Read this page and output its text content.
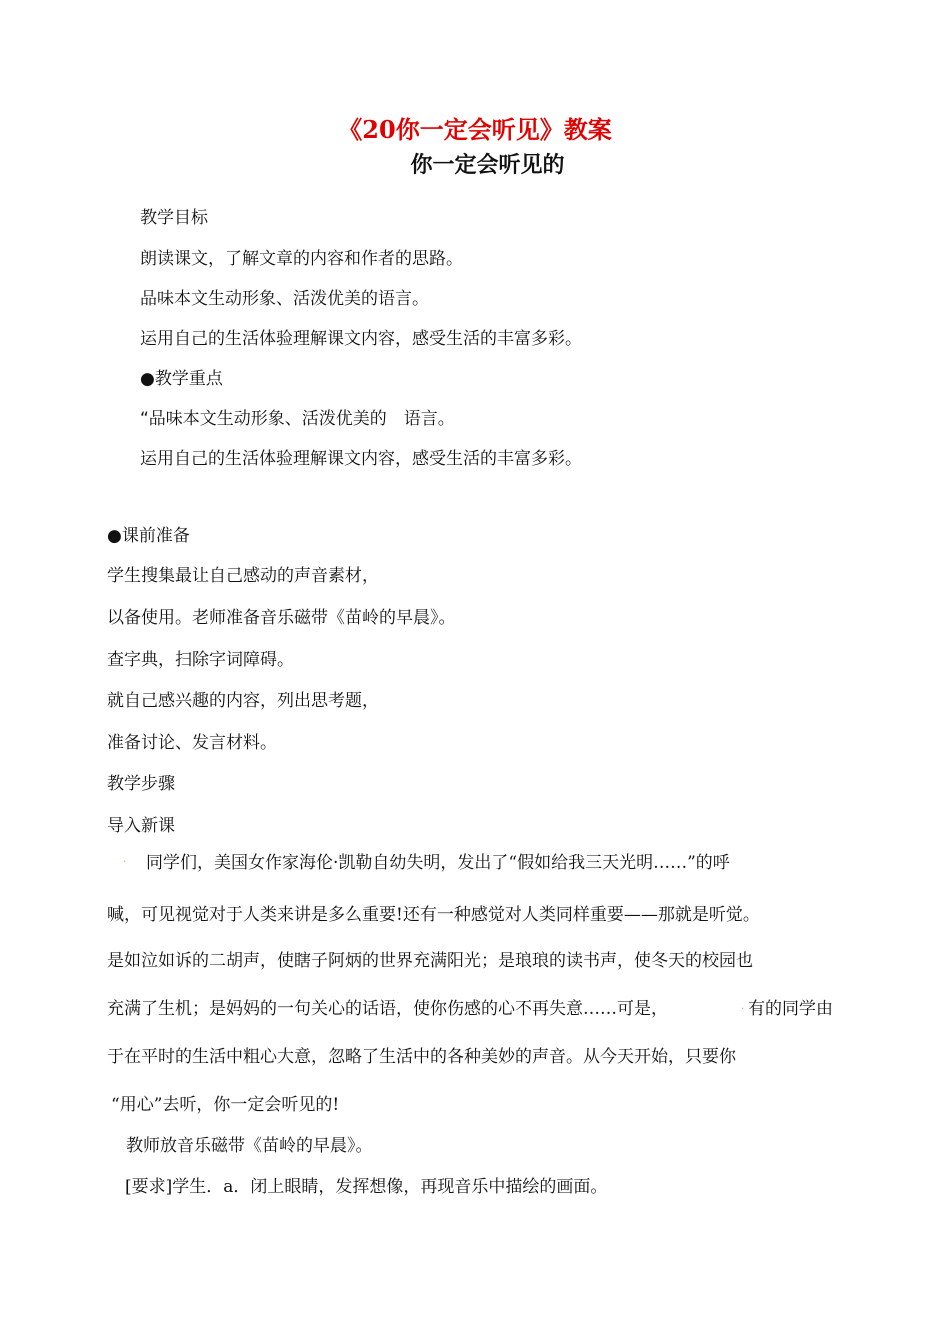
《20你一定会听见》教案
你一定会听见的
教学目标
朗读课文，了解文章的内容和作者的思路。
品味本文生动形象、活泼优美的语言。
运用自己的生活体验理解课文内容，感受生活的丰富多彩。
●教学重点
“品味本文生动形象、活泼优美的　语言。
运用自己的生活体验理解课文内容，感受生活的丰富多彩。
●课前准备
学生搜集最让自己感动的声音素材，
以备使用。老师准备音乐磁带《苗岭的早晨》。
查字典，扫除字词障碍。
就自己感兴趣的内容，列出思考题，
准备讨论、发言材料。
教学步骤
导入新课
. 同学们，美国女作家海伦·凯勒自幼失明，发出了“假如给我三天光明……”的呼
喊，可见视觉对于人类来讲是多么重要!还有一种感觉对人类同样重要——那就是听觉。
是如泣如诉的二胡声，使瞎子阿炳的世界充满阳光；是琅琅的读书声，使冬天的校园也
充满了生机；是妈妈的一句关心的话语，使你伤感的心不再失意……可是，	. 有的同学由
于在平时的生活中粗心大意，忽略了生活中的各种美妙的声音。从今天开始，只要你
“用心”去听，你一定会听见的!
教师放音乐磁带《苗岭的早晨》。
[要求]学生．a．闭上眼睛，发挥想像，再现音乐中描绘的画面。
